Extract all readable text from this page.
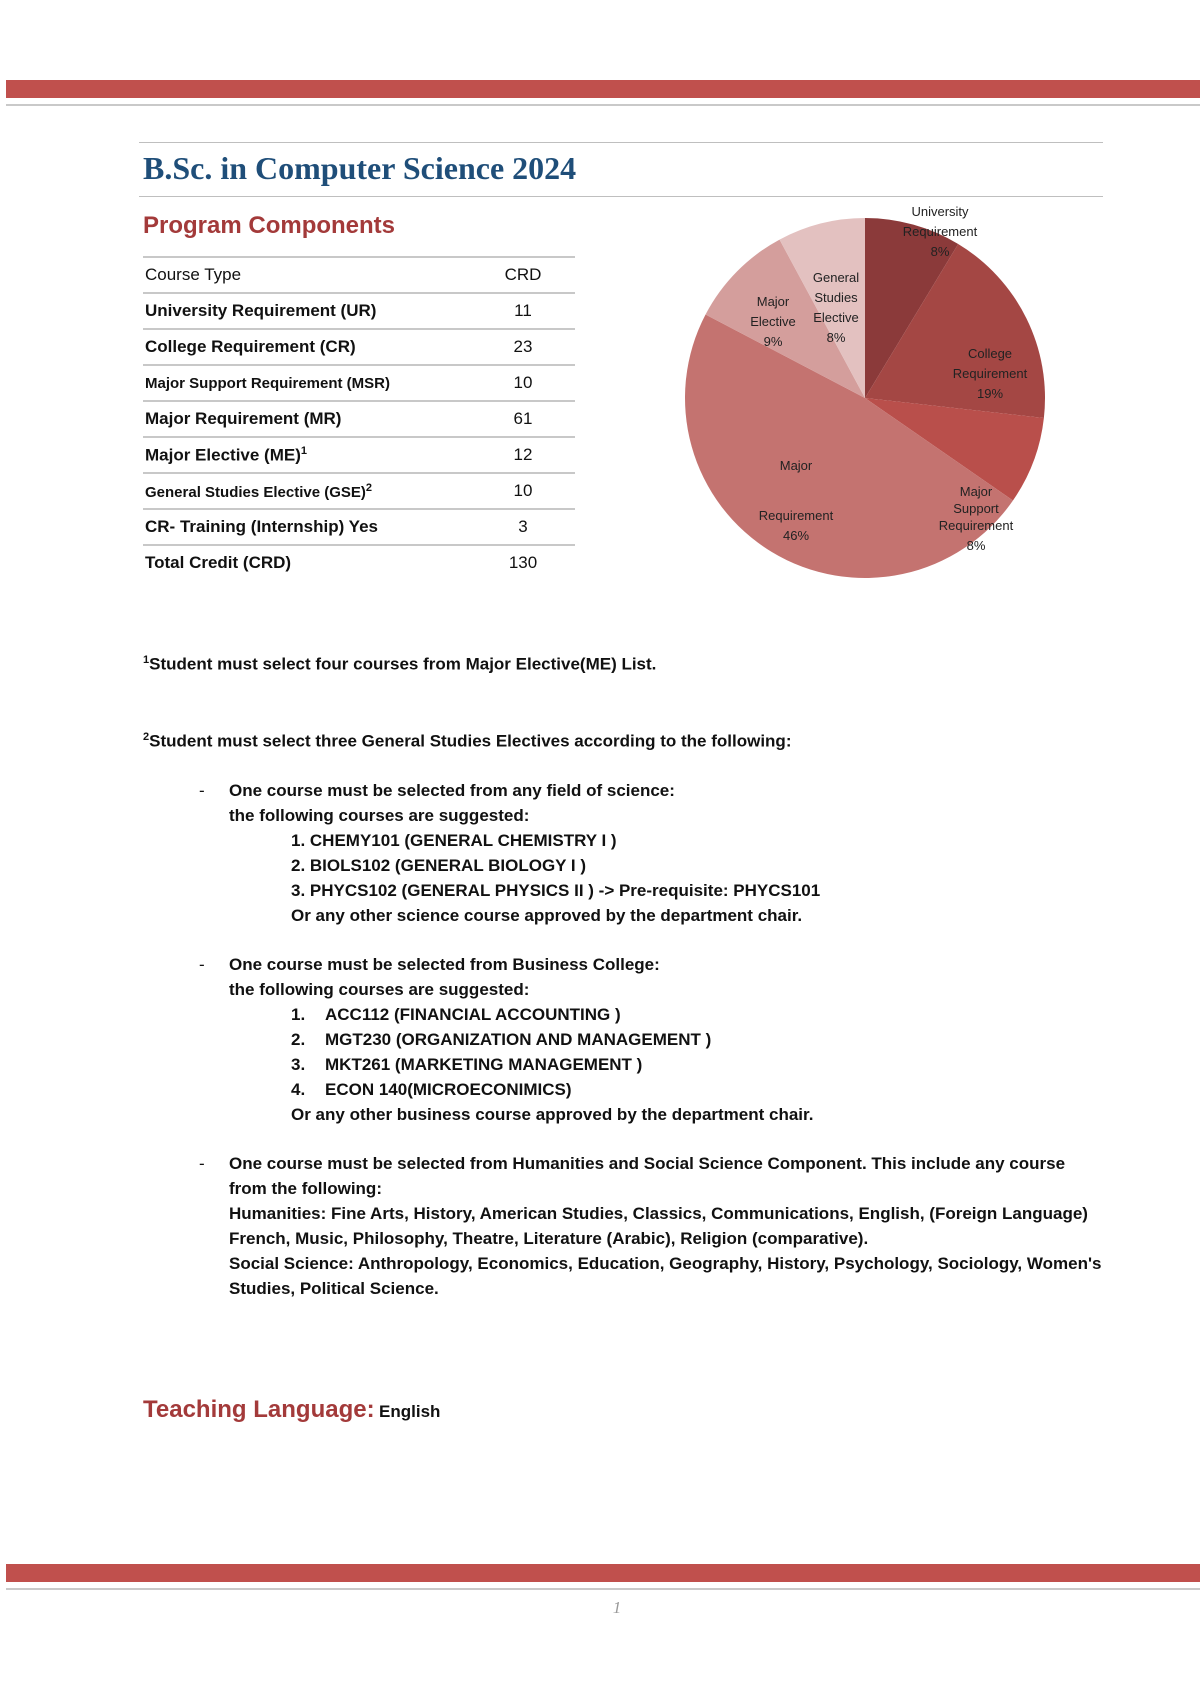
B.Sc. in Computer Science 2024
Program Components
Course Type	CRD
University Requirement (UR)	11
College Requirement (CR)	23
Major Support Requirement (MSR)	10
Major Requirement (MR)	61
Major Elective (ME)$^1$	12
General Studies Elective (GSE)$^2$	10
CR- Training (Internship) Yes	3
Total Credit (CRD)	130
University Requirement 8%
College Requirement 19%
Major Support Requirement 8%
Major Requirement 46%
Major Elective 9%
General Studies Elective 8%

$^1$Student must select four courses from Major Elective(ME) List.

$^2$Student must select three General Studies Electives according to the following:

- One course must be selected from any field of science:
the following courses are suggested:
1. CHEMY101 (GENERAL CHEMISTRY I )
2. BIOLS102 (GENERAL BIOLOGY I )
3. PHYCS102 (GENERAL PHYSICS II ) -> Pre-requisite: PHYCS101
Or any other science course approved by the department chair.
- One course must be selected from Business College:
the following courses are suggested:
1. ACC112 (FINANCIAL ACCOUNTING )
2. MGT230 (ORGANIZATION AND MANAGEMENT )
3. MKT261 (MARKETING MANAGEMENT )
4. ECON 140(MICROECONIMICS)
Or any other business course approved by the department chair.
- One course must be selected from Humanities and Social Science Component. This include any course from the following:
Humanities: Fine Arts, History, American Studies, Classics, Communications, English, (Foreign Language) French, Music, Philosophy, Theatre, Literature (Arabic), Religion (comparative).
Social Science: Anthropology, Economics, Education, Geography, History, Psychology, Sociology, Women's Studies, Political Science.

Teaching Language: English

1
